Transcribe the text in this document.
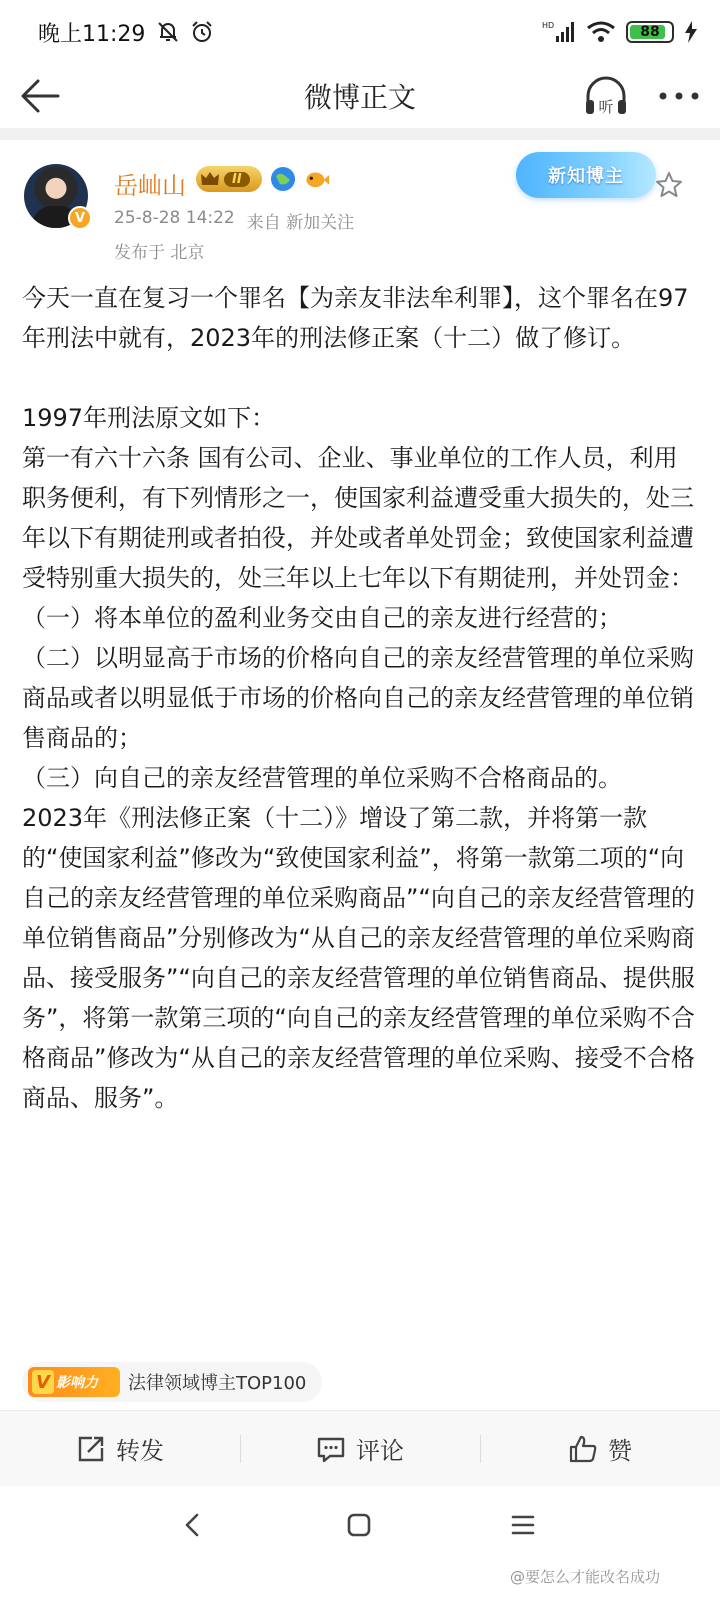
晚上11:29	HD	88
微博正文	听
V
岳屾山	II
25-8-28 14:22 来自 新加关注
发布于 北京
新知博主
今天一直在复习一个罪名【为亲友非法牟利罪】，这个罪名在97年刑法中就有，2023年的刑法修正案（十二）做了修订。

1997年刑法原文如下：
第一有六十六条 国有公司、企业、事业单位的工作人员，利用职务便利，有下列情形之一，使国家利益遭受重大损失的，处三年以下有期徒刑或者拍役，并处或者单处罚金；致使国家利益遭受特别重大损失的，处三年以上七年以下有期徒刑，并处罚金：
（一）将本单位的盈利业务交由自己的亲友进行经营的；
（二）以明显高于市场的价格向自己的亲友经营管理的单位采购商品或者以明显低于市场的价格向自己的亲友经营管理的单位销售商品的；
（三）向自己的亲友经营管理的单位采购不合格商品的。
2023年《刑法修正案（十二）》增设了第二款，并将第一款的“使国家利益”修改为“致使国家利益”，将第一款第二项的“向自己的亲友经营管理的单位采购商品”“向自己的亲友经营管理的单位销售商品”分别修改为“从自己的亲友经营管理的单位采购商品、接受服务”“向自己的亲友经营管理的单位销售商品、提供服务”，将第一款第三项的“向自己的亲友经营管理的单位采购不合格商品”修改为“从自己的亲友经营管理的单位采购、接受不合格商品、服务”。
V 影响力 法律领域博主TOP100
转发	评论	赞
@要怎么才能改名成功
